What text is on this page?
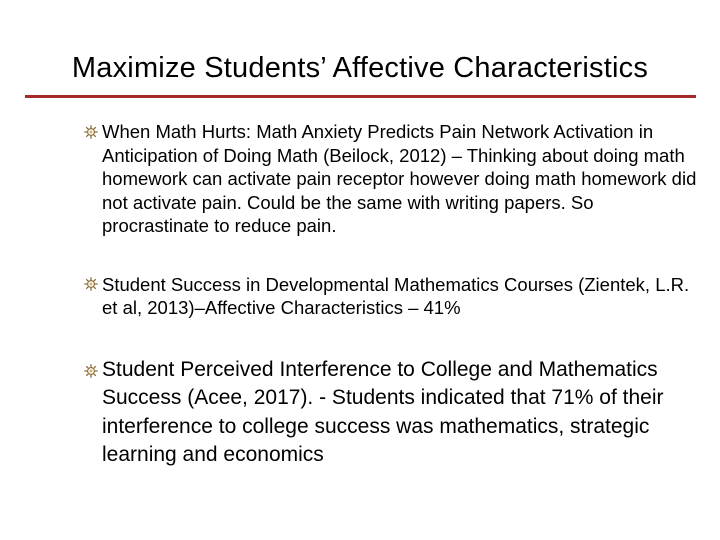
Maximize Students’ Affective Characteristics
When Math Hurts: Math Anxiety Predicts Pain Network Activation in Anticipation of Doing Math (Beilock, 2012) – Thinking about doing math homework can activate pain receptor however doing math homework did not activate pain. Could be the same with writing papers. So procrastinate to reduce pain.
Student Success in Developmental Mathematics Courses (Zientek, L.R. et al, 2013)–Affective Characteristics – 41%
Student Perceived Interference to College and Mathematics Success (Acee, 2017). - Students indicated that 71% of their interference to college success was mathematics, strategic learning and economics
